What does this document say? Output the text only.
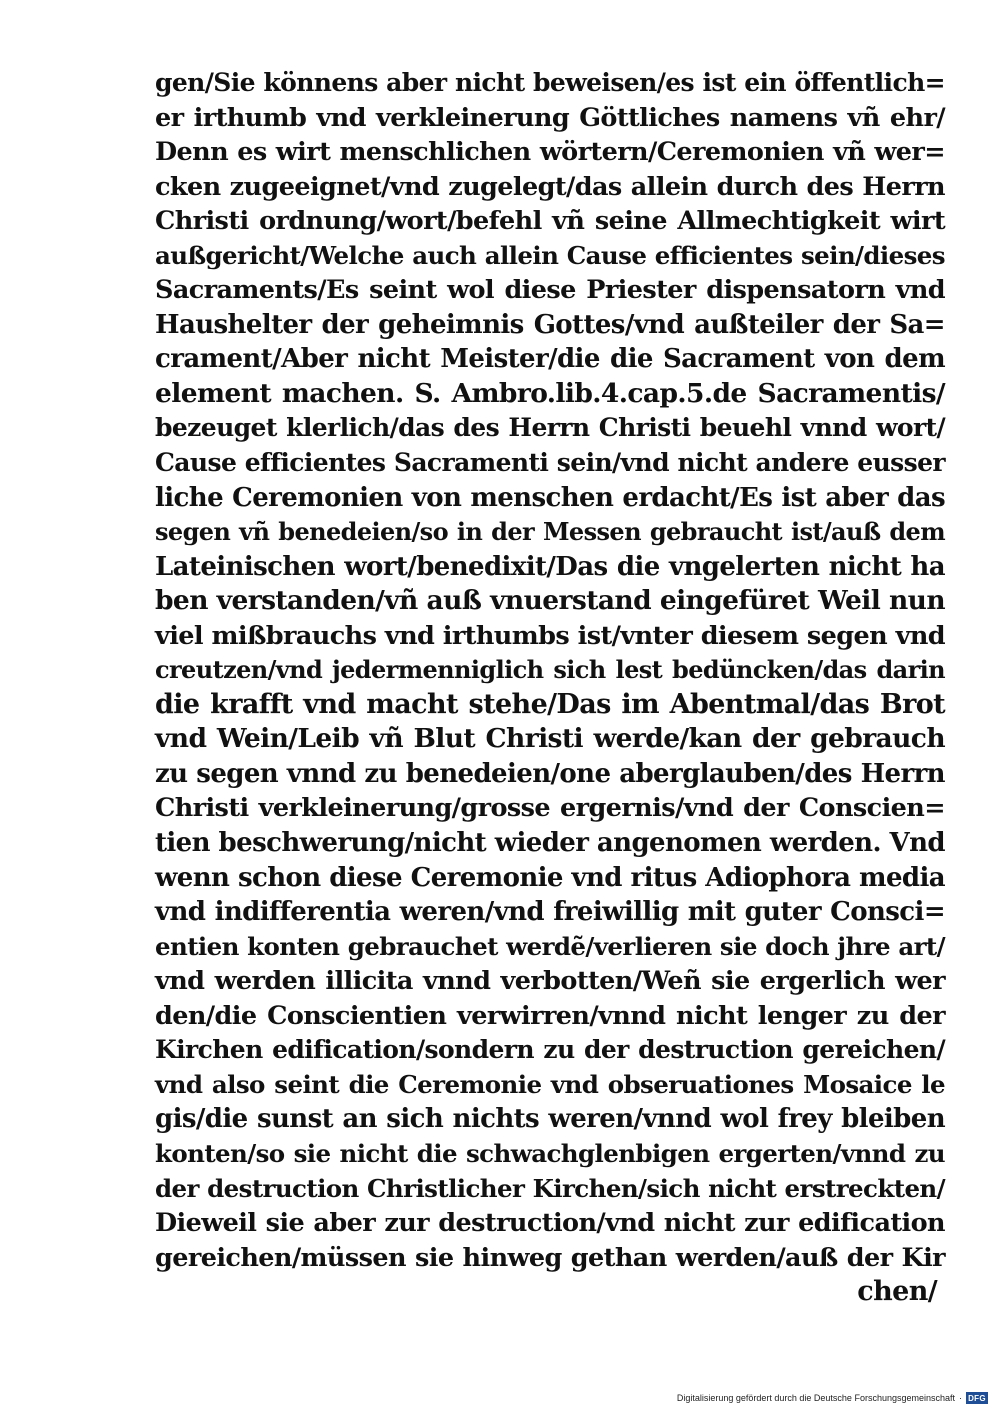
gen/Sie könnens aber nicht beweisen/es ist ein öffentlich=
er irthumb vnd verkleinerung Göttliches namens vñ ehr/
Denn es wirt menschlichen wörtern/Ceremonien vñ wer=
cken zugeeignet/vnd zugelegt/das allein durch des Herrn
Christi ordnung/wort/befehl vñ seine Allmechtigkeit wirt
außgericht/Welche auch allein Cause efficientes sein/dieses
Sacraments/Es seint wol diese Priester dispensatorn vnd
Haushelter der geheimnis Gottes/vnd außteiler der Sa=
crament/Aber nicht Meister/die die Sacrament von dem
element machen. S. Ambro.lib.4.cap.5.de Sacramentis/
bezeuget klerlich/das des Herrn Christi beuehl vnnd wort/
Cause efficientes Sacramenti sein/vnd nicht andere eusser
liche Ceremonien von menschen erdacht/Es ist aber das
segen vñ benedeien/so in der Messen gebraucht ist/auß dem
Lateinischen wort/benedixit/Das die vngelerten nicht ha
ben verstanden/vñ auß vnuerstand eingefüret Weil nun
viel mißbrauchs vnd irthumbs ist/vnter diesem segen vnd
creutzen/vnd jedermenniglich sich lest bedüncken/das darin
die krafft vnd macht stehe/Das im Abentmal/das Brot
vnd Wein/Leib vñ Blut Christi werde/kan der gebrauch
zu segen vnnd zu benedeien/one aberglauben/des Herrn
Christi verkleinerung/grosse ergernis/vnd der Conscien=
tien beschwerung/nicht wieder angenomen werden. Vnd
wenn schon diese Ceremonie vnd ritus Adiophora media
vnd indifferentia weren/vnd freiwillig mit guter Consci=
entien konten gebrauchet werdẽ/verlieren sie doch jhre art/
vnd werden illicita vnnd verbotten/Weñ sie ergerlich wer
den/die Conscientien verwirren/vnnd nicht lenger zu der
Kirchen edification/sondern zu der destruction gereichen/
vnd also seint die Ceremonie vnd obseruationes Mosaice le
gis/die sunst an sich nichts weren/vnnd wol frey bleiben
konten/so sie nicht die schwachglenbigen ergerten/vnnd zu
der destruction Christlicher Kirchen/sich nicht erstreckten/
Dieweil sie aber zur destruction/vnd nicht zur edification
gereichen/müssen sie hinweg gethan werden/auß der Kir
chen/
Digitalisierung gefördert durch die Deutsche Forschungsgemeinschaft · DFG
